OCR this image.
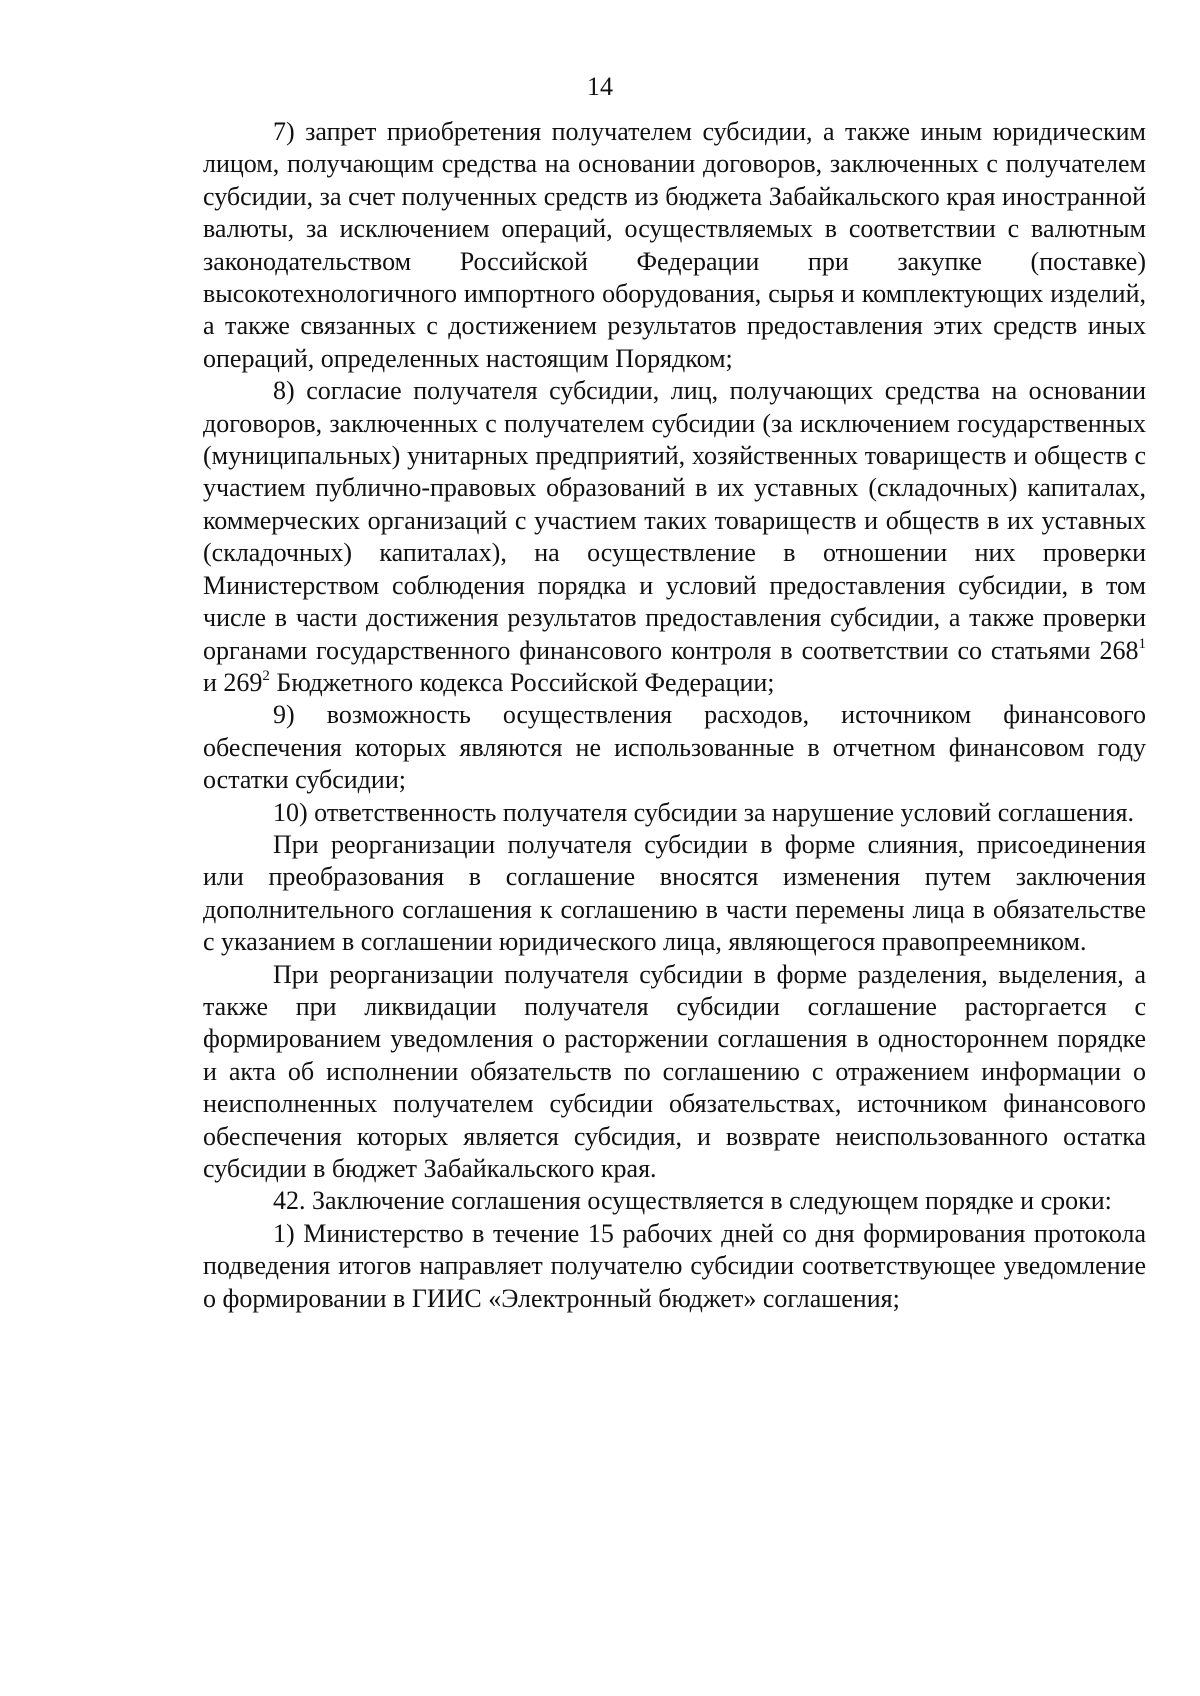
14

7) запрет приобретения получателем субсидии, а также иным юридическим лицом, получающим средства на основании договоров, заключенных с получателем субсидии, за счет полученных средств из бюджета Забайкальского края иностранной валюты, за исключением операций, осуществляемых в соответствии с валютным законодательством Российской Федерации при закупке (поставке) высокотехнологичного импортного оборудования, сырья и комплектующих изделий, а также связанных с достижением результатов предоставления этих средств иных операций, определенных настоящим Порядком;

8) согласие получателя субсидии, лиц, получающих средства на основании договоров, заключенных с получателем субсидии (за исключением государственных (муниципальных) унитарных предприятий, хозяйственных товариществ и обществ с участием публично-правовых образований в их уставных (складочных) капиталах, коммерческих организаций с участием таких товариществ и обществ в их уставных (складочных) капиталах), на осуществление в отношении них проверки Министерством соблюдения порядка и условий предоставления субсидии, в том числе в части достижения результатов предоставления субсидии, а также проверки органами государственного финансового контроля в соответствии со статьями $268^1$ и $269^2$ Бюджетного кодекса Российской Федерации;

9) возможность осуществления расходов, источником финансового обеспечения которых являются не использованные в отчетном финансовом году остатки субсидии;

10) ответственность получателя субсидии за нарушение условий соглашения.

При реорганизации получателя субсидии в форме слияния, присоединения или преобразования в соглашение вносятся изменения путем заключения дополнительного соглашения к соглашению в части перемены лица в обязательстве с указанием в соглашении юридического лица, являющегося правопреемником.

При реорганизации получателя субсидии в форме разделения, выделения, а также при ликвидации получателя субсидии соглашение расторгается с формированием уведомления о расторжении соглашения в одностороннем порядке и акта об исполнении обязательств по соглашению с отражением информации о неисполненных получателем субсидии обязательствах, источником финансового обеспечения которых является субсидия, и возврате неиспользованного остатка субсидии в бюджет Забайкальского края.

42. Заключение соглашения осуществляется в следующем порядке и сроки:

1) Министерство в течение 15 рабочих дней со дня формирования протокола подведения итогов направляет получателю субсидии соответствующее уведомление о формировании в ГИИС «Электронный бюджет» соглашения;
